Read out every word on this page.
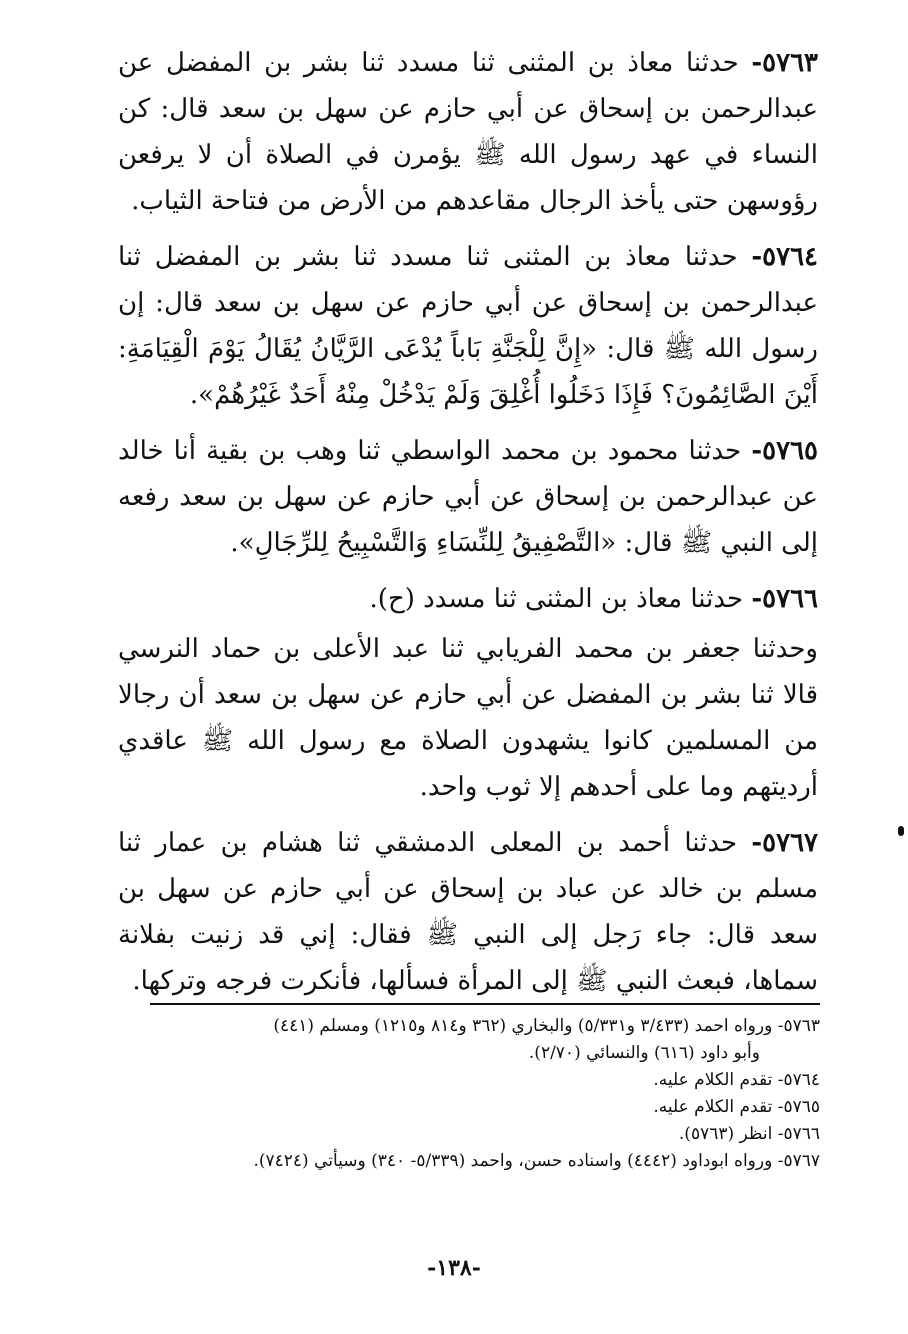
٥٧٦٣- حدثنا معاذ بن المثنى ثنا مسدد ثنا بشر بن المفضل عن عبدالرحمن بن إسحاق عن أبي حازم عن سهل بن سعد قال: كن النساء في عهد رسول الله ﷺ يؤمرن في الصلاة أن لا يرفعن رؤوسهن حتى يأخذ الرجال مقاعدهم من الأرض من فتاحة الثياب.

٥٧٦٤- حدثنا معاذ بن المثنى ثنا مسدد ثنا بشر بن المفضل ثنا عبدالرحمن بن إسحاق عن أبي حازم عن سهل بن سعد قال: إن رسول الله ﷺ قال: «إِنَّ لِلْجَنَّةِ بَاباً يُدْعَى الرَّيَّانُ يُقَالُ يَوْمَ الْقِيَامَةِ: أَيْنَ الصَّائِمُونَ؟ فَإِذَا دَخَلُوا أُغْلِقَ وَلَمْ يَدْخُلْ مِنْهُ أَحَدٌ غَيْرُهُمْ».

٥٧٦٥- حدثنا محمود بن محمد الواسطي ثنا وهب بن بقية أنا خالد عن عبدالرحمن بن إسحاق عن أبي حازم عن سهل بن سعد رفعه إلى النبي ﷺ قال: «التَّصْفِيقُ لِلنِّسَاءِ وَالتَّسْبِيحُ لِلرِّجَالِ».

٥٧٦٦- حدثنا معاذ بن المثنى ثنا مسدد (ح).

وحدثنا جعفر بن محمد الفريابي ثنا عبد الأعلى بن حماد النرسي قالا ثنا بشر بن المفضل عن أبي حازم عن سهل بن سعد أن رجالا من المسلمين كانوا يشهدون الصلاة مع رسول الله ﷺ عاقدي أرديتهم وما على أحدهم إلا ثوب واحد.

٥٧٦٧- حدثنا أحمد بن المعلى الدمشقي ثنا هشام بن عمار ثنا مسلم بن خالد عن عباد بن إسحاق عن أبي حازم عن سهل بن سعد قال: جاء رَجل إلى النبي ﷺ فقال: إني قد زنيت بفلانة سماها، فبعث النبي ﷺ إلى المرأة فسألها، فأنكرت فرجه وتركها.

٥٧٦٣- ورواه احمد (٣/٤٣٣ و٥/٣٣١) والبخاري (٣٦٢ و٨١٤ و١٢١٥) ومسلم (٤٤١)

وأبو داود (٦١٦) والنسائي (٢/٧٠).

٥٧٦٤- تقدم الكلام عليه.

٥٧٦٥- تقدم الكلام عليه.

٥٧٦٦- انظر (٥٧٦٣).

٥٧٦٧- ورواه ابوداود (٤٤٤٢) واسناده حسن، واحمد (٥/٣٣٩- ٣٤٠) وسيأتي (٧٤٢٤).

-١٣٨-
